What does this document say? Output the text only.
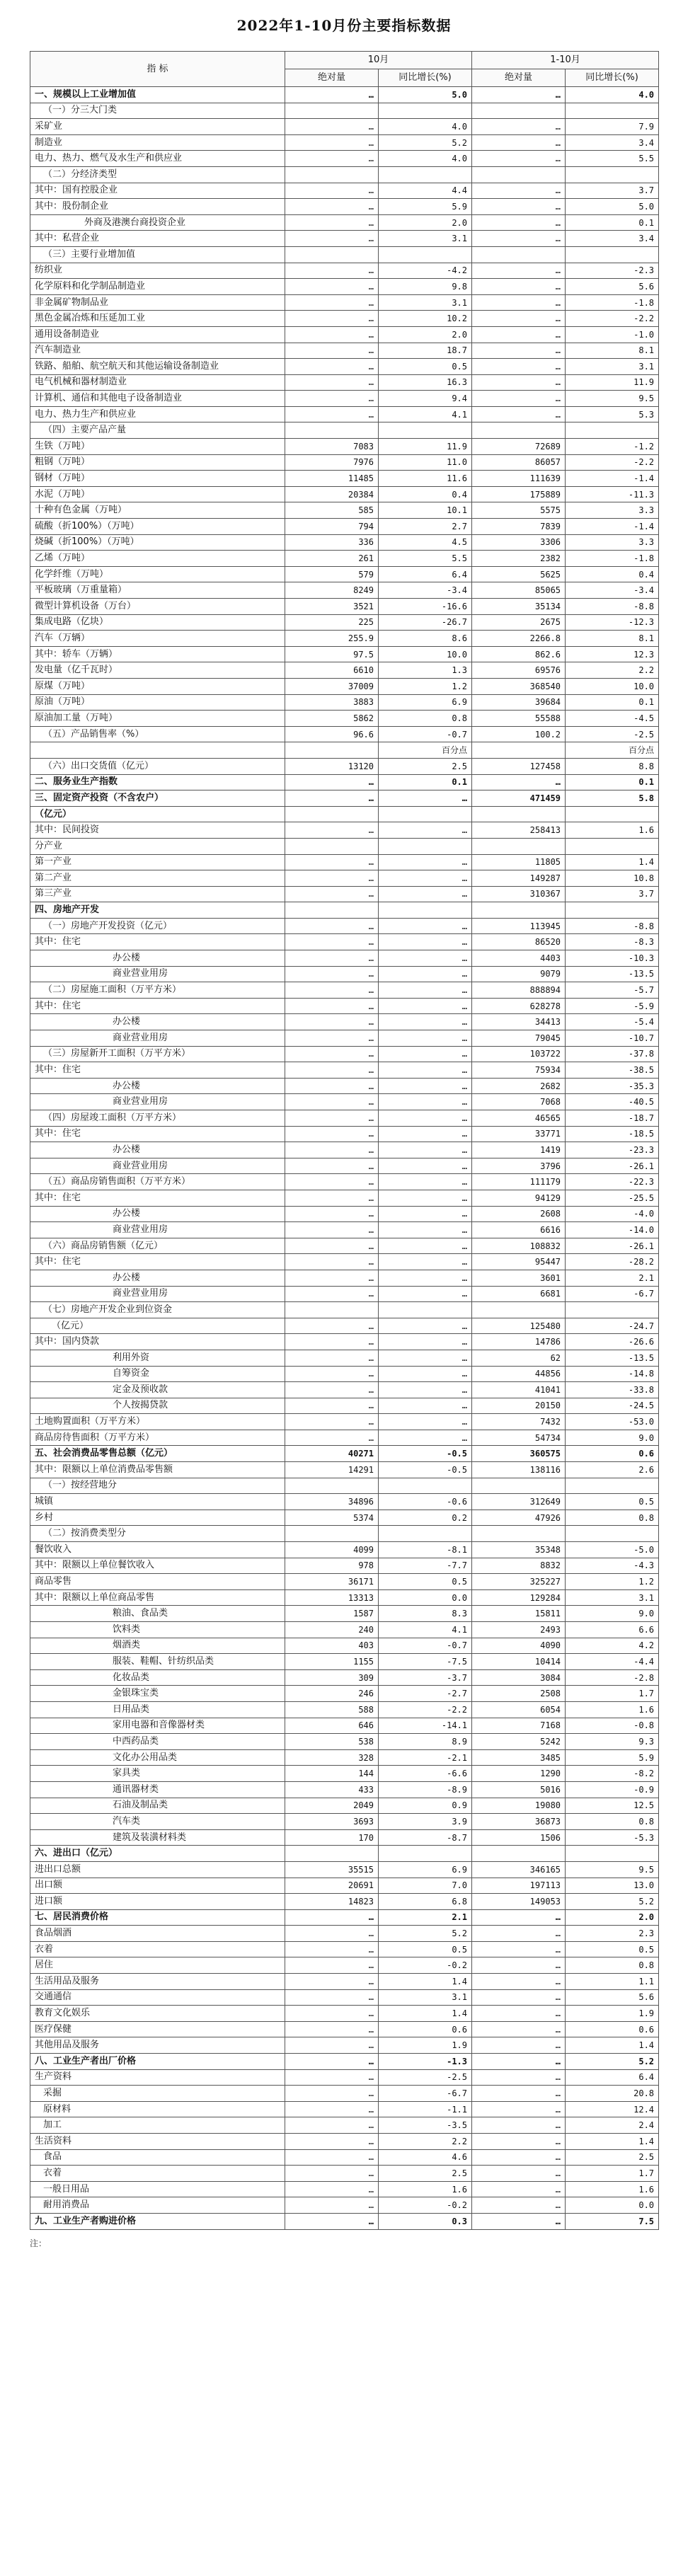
2022年1-10月份主要指标数据
指 标	10月		1-10月	
	绝对量	同比增长(%)	绝对量	同比增长(%)
一、规模以上工业增加值	…	5.0	…	4.0
（一）分三大门类				
采矿业	…	4.0	…	7.9
制造业	…	5.2	…	3.4
电力、热力、燃气及水生产和供应业	…	4.0	…	5.5
（二）分经济类型				
其中：国有控股企业	…	4.4	…	3.7
其中：股份制企业	…	5.9	…	5.0
外商及港澳台商投资企业	…	2.0	…	0.1
其中：私营企业	…	3.1	…	3.4
（三）主要行业增加值				
纺织业	…	-4.2	…	-2.3
化学原料和化学制品制造业	…	9.8	…	5.6
非金属矿物制品业	…	3.1	…	-1.8
黑色金属冶炼和压延加工业	…	10.2	…	-2.2
通用设备制造业	…	2.0	…	-1.0
汽车制造业	…	18.7	…	8.1
铁路、船舶、航空航天和其他运输设备制造业	…	0.5	…	3.1
电气机械和器材制造业	…	16.3	…	11.9
计算机、通信和其他电子设备制造业	…	9.4	…	9.5
电力、热力生产和供应业	…	4.1	…	5.3
（四）主要产品产量				
生铁（万吨）	7083	11.9	72689	-1.2
粗钢（万吨）	7976	11.0	86057	-2.2
钢材（万吨）	11485	11.6	111639	-1.4
水泥（万吨）	20384	0.4	175889	-11.3
十种有色金属（万吨）	585	10.1	5575	3.3
硫酸（折100%）（万吨）	794	2.7	7839	-1.4
烧碱（折100%）（万吨）	336	4.5	3306	3.3
乙烯（万吨）	261	5.5	2382	-1.8
化学纤维（万吨）	579	6.4	5625	0.4
平板玻璃（万重量箱）	8249	-3.4	85065	-3.4
微型计算机设备（万台）	3521	-16.6	35134	-8.8
集成电路（亿块）	225	-26.7	2675	-12.3
汽车（万辆）	255.9	8.6	2266.8	8.1
其中：轿车（万辆）	97.5	10.0	862.6	12.3
发电量（亿千瓦时）	6610	1.3	69576	2.2
原煤（万吨）	37009	1.2	368540	10.0
原油（万吨）	3883	6.9	39684	0.1
原油加工量（万吨）	5862	0.8	55588	-4.5
（五）产品销售率（%）	96.6	-0.7	100.2	-2.5
		百分点		百分点
（六）出口交货值（亿元）	13120	2.5	127458	8.8
二、服务业生产指数	…	0.1	…	0.1
三、固定资产投资（不含农户）	…	…	471459	5.8
（亿元）				
其中：民间投资	…	…	258413	1.6
分产业				
第一产业	…	…	11805	1.4
第二产业	…	…	149287	10.8
第三产业	…	…	310367	3.7
四、房地产开发				
（一）房地产开发投资（亿元）	…	…	113945	-8.8
其中：住宅	…	…	86520	-8.3
办公楼	…	…	4403	-10.3
商业营业用房	…	…	9079	-13.5
（二）房屋施工面积（万平方米）	…	…	888894	-5.7
其中：住宅	…	…	628278	-5.9
办公楼	…	…	34413	-5.4
商业营业用房	…	…	79045	-10.7
（三）房屋新开工面积（万平方米）	…	…	103722	-37.8
其中：住宅	…	…	75934	-38.5
办公楼	…	…	2682	-35.3
商业营业用房	…	…	7068	-40.5
（四）房屋竣工面积（万平方米）	…	…	46565	-18.7
其中：住宅	…	…	33771	-18.5
办公楼	…	…	1419	-23.3
商业营业用房	…	…	3796	-26.1
（五）商品房销售面积（万平方米）	…	…	111179	-22.3
其中：住宅	…	…	94129	-25.5
办公楼	…	…	2608	-4.0
商业营业用房	…	…	6616	-14.0
（六）商品房销售额（亿元）	…	…	108832	-26.1
其中：住宅	…	…	95447	-28.2
办公楼	…	…	3601	2.1
商业营业用房	…	…	6681	-6.7
（七）房地产开发企业到位资金				
（亿元）	…	…	125480	-24.7
其中：国内贷款	…	…	14786	-26.6
利用外资	…	…	62	-13.5
自筹资金	…	…	44856	-14.8
定金及预收款	…	…	41041	-33.8
个人按揭贷款	…	…	20150	-24.5
土地购置面积（万平方米）	…	…	7432	-53.0
商品房待售面积（万平方米）	…	…	54734	9.0
五、社会消费品零售总额（亿元）	40271	-0.5	360575	0.6
其中：限额以上单位消费品零售额	14291	-0.5	138116	2.6
（一）按经营地分				
城镇	34896	-0.6	312649	0.5
乡村	5374	0.2	47926	0.8
（二）按消费类型分				
餐饮收入	4099	-8.1	35348	-5.0
其中：限额以上单位餐饮收入	978	-7.7	8832	-4.3
商品零售	36171	0.5	325227	1.2
其中：限额以上单位商品零售	13313	0.0	129284	3.1
粮油、食品类	1587	8.3	15811	9.0
饮料类	240	4.1	2493	6.6
烟酒类	403	-0.7	4090	4.2
服装、鞋帽、针纺织品类	1155	-7.5	10414	-4.4
化妆品类	309	-3.7	3084	-2.8
金银珠宝类	246	-2.7	2508	1.7
日用品类	588	-2.2	6054	1.6
家用电器和音像器材类	646	-14.1	7168	-0.8
中西药品类	538	8.9	5242	9.3
文化办公用品类	328	-2.1	3485	5.9
家具类	144	-6.6	1290	-8.2
通讯器材类	433	-8.9	5016	-0.9
石油及制品类	2049	0.9	19080	12.5
汽车类	3693	3.9	36873	0.8
建筑及装潢材料类	170	-8.7	1506	-5.3
六、进出口（亿元）				
进出口总额	35515	6.9	346165	9.5
出口额	20691	7.0	197113	13.0
进口额	14823	6.8	149053	5.2
七、居民消费价格	…	2.1	…	2.0
食品烟酒	…	5.2	…	2.3
衣着	…	0.5	…	0.5
居住	…	-0.2	…	0.8
生活用品及服务	…	1.4	…	1.1
交通通信	…	3.1	…	5.6
教育文化娱乐	…	1.4	…	1.9
医疗保健	…	0.6	…	0.6
其他用品及服务	…	1.9	…	1.4
八、工业生产者出厂价格	…	-1.3	…	5.2
生产资料	…	-2.5	…	6.4
采掘	…	-6.7	…	20.8
原材料	…	-1.1	…	12.4
加工	…	-3.5	…	2.4
生活资料	…	2.2	…	1.4
食品	…	4.6	…	2.5
衣着	…	2.5	…	1.7
一般日用品	…	1.6	…	1.6
耐用消费品	…	-0.2	…	0.0
九、工业生产者购进价格	…	0.3	…	7.5
注：
